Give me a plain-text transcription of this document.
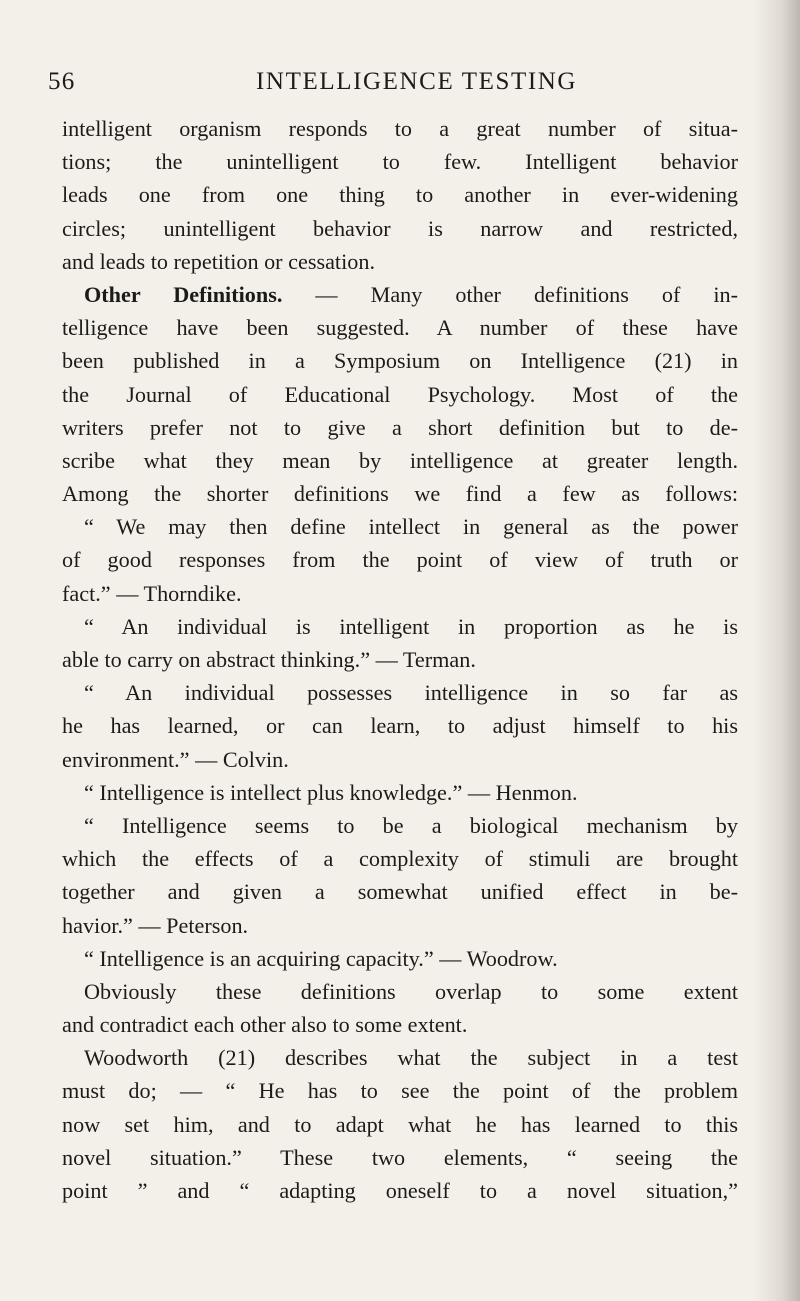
56	INTELLIGENCE TESTING
intelligent organism responds to a great number of situa-
tions; the unintelligent to few. Intelligent behavior
leads one from one thing to another in ever-widening
circles; unintelligent behavior is narrow and restricted,
and leads to repetition or cessation.
Other Definitions. — Many other definitions of in-
telligence have been suggested. A number of these have
been published in a Symposium on Intelligence (21) in
the Journal of Educational Psychology. Most of the
writers prefer not to give a short definition but to de-
scribe what they mean by intelligence at greater length.
Among the shorter definitions we find a few as follows:
“ We may then define intellect in general as the power
of good responses from the point of view of truth or
fact.” — Thorndike.
“ An individual is intelligent in proportion as he is
able to carry on abstract thinking.” — Terman.
“ An individual possesses intelligence in so far as
he has learned, or can learn, to adjust himself to his
environment.” — Colvin.
“ Intelligence is intellect plus knowledge.” — Henmon.
“ Intelligence seems to be a biological mechanism by
which the effects of a complexity of stimuli are brought
together and given a somewhat unified effect in be-
havior.” — Peterson.
“ Intelligence is an acquiring capacity.” — Woodrow.
Obviously these definitions overlap to some extent
and contradict each other also to some extent.
Woodworth (21) describes what the subject in a test
must do; — “ He has to see the point of the problem
now set him, and to adapt what he has learned to this
novel situation.” These two elements, “ seeing the
point ” and “ adapting oneself to a novel situation,”
